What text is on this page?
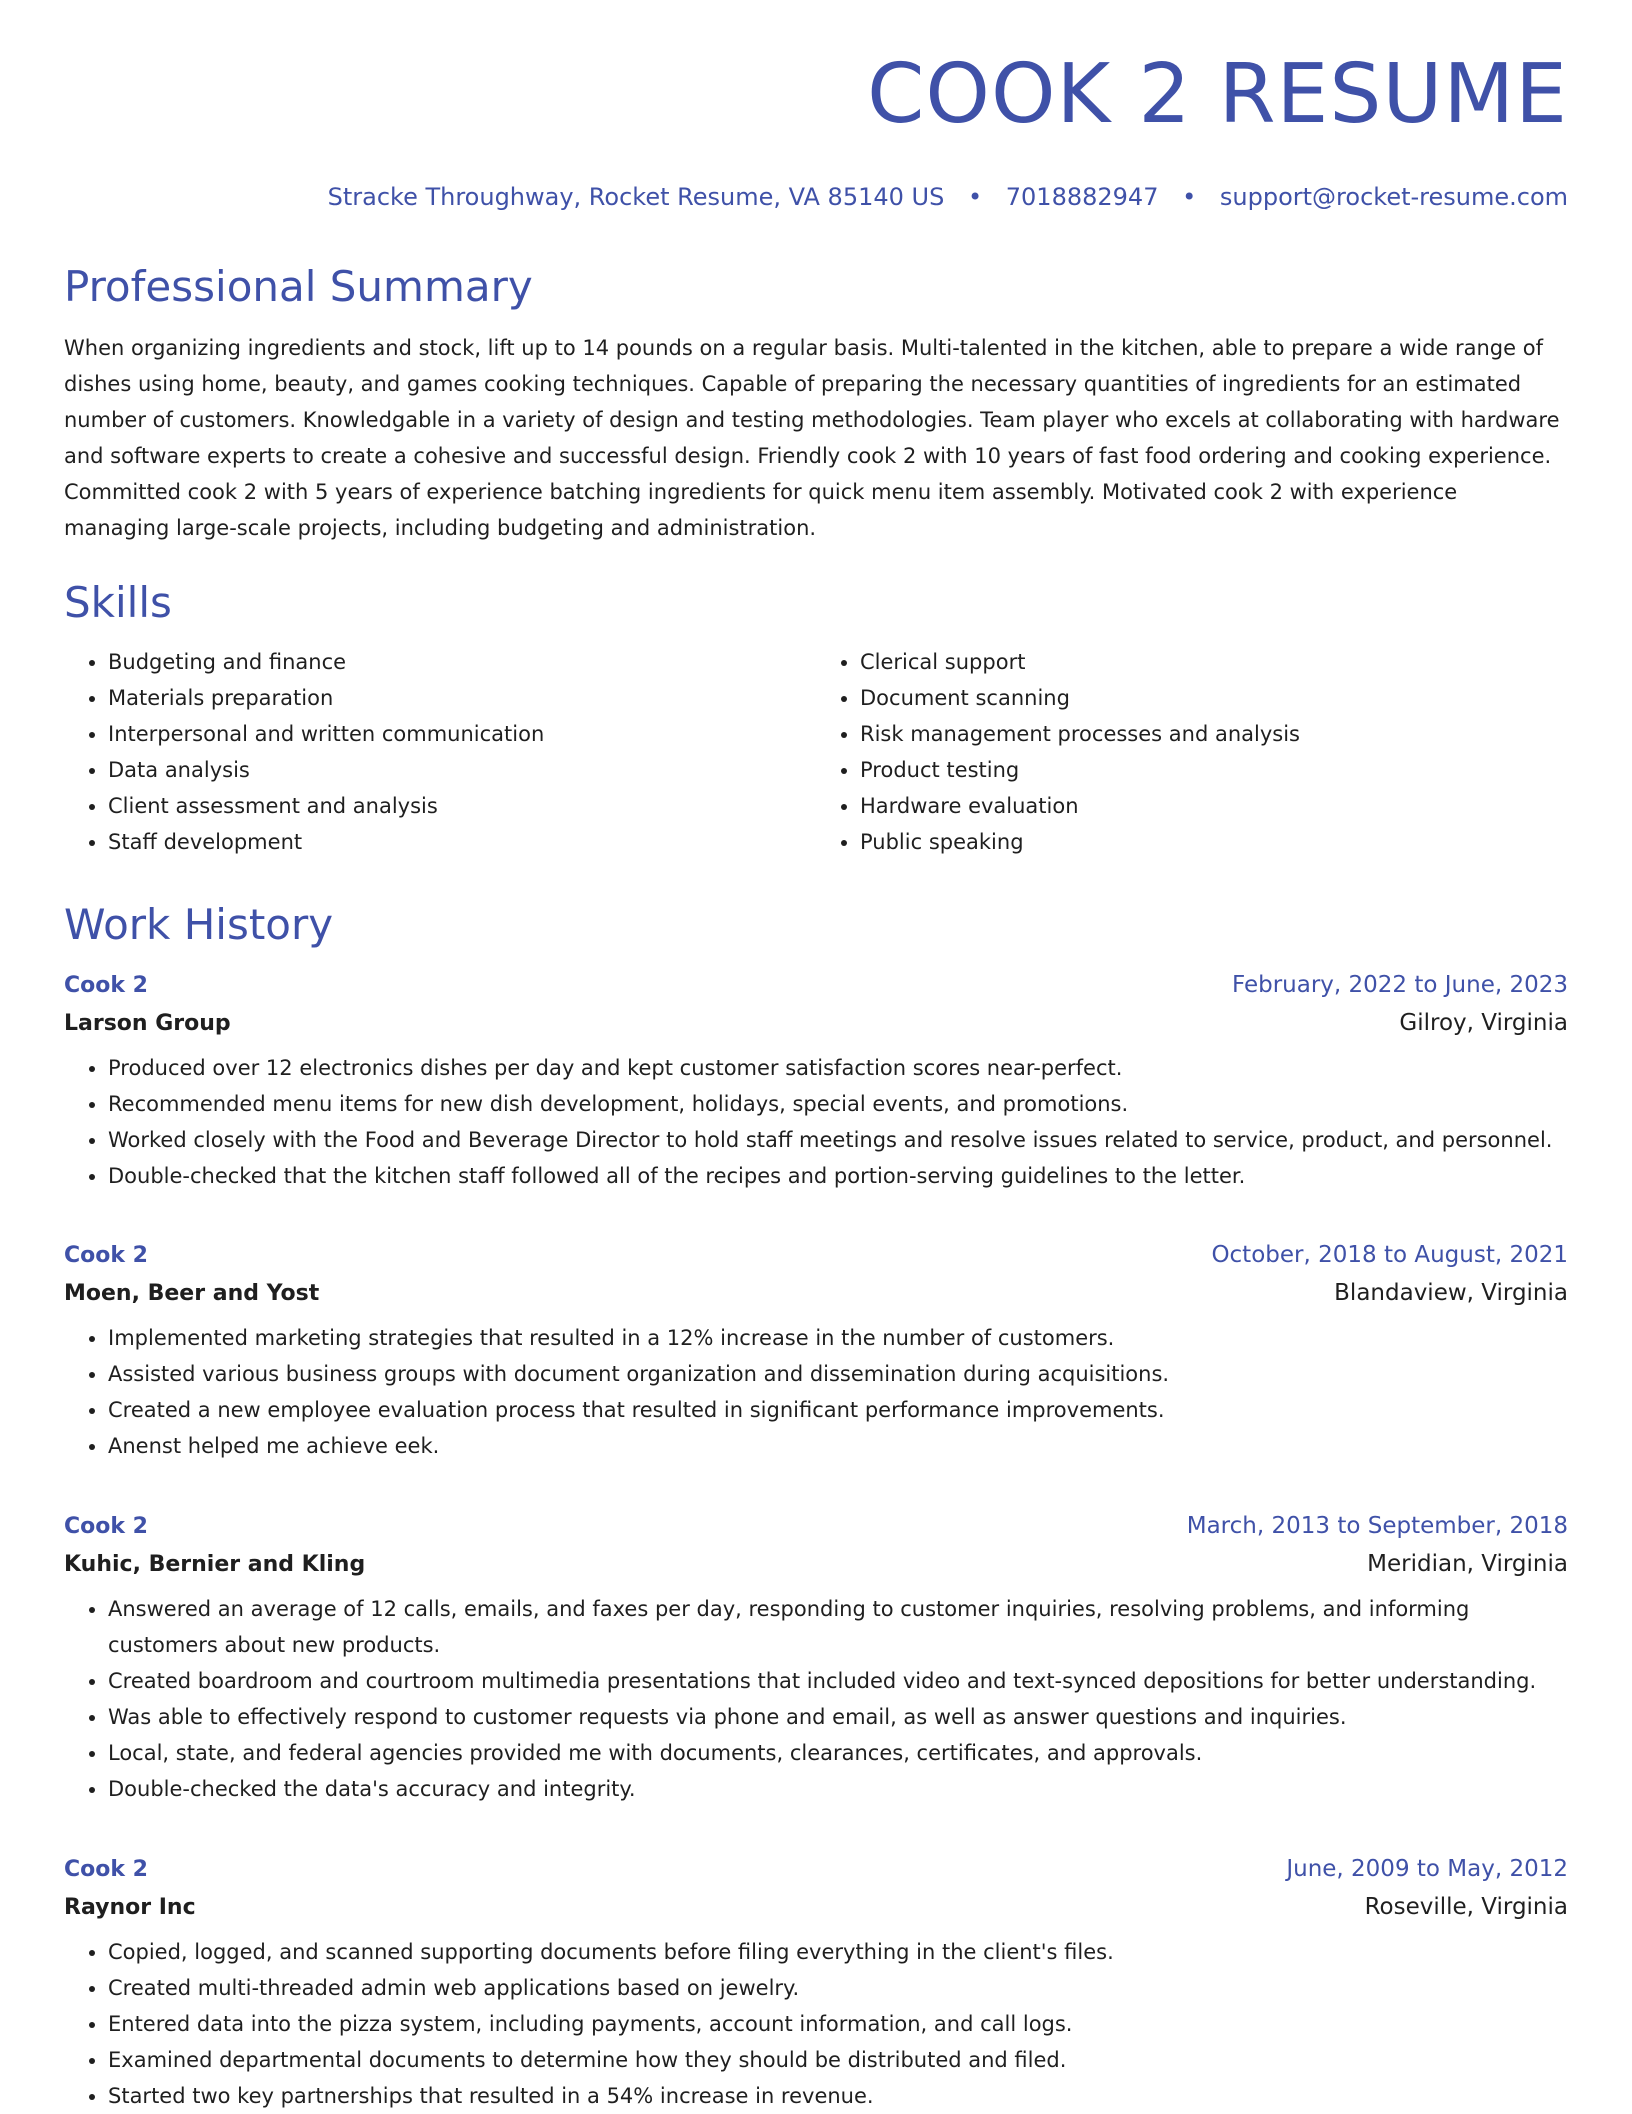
COOK 2 RESUME
Stracke Throughway, Rocket Resume, VA 85140 US • 7018882947 • support@rocket-resume.com
Professional Summary

When organizing ingredients and stock, lift up to 14 pounds on a regular basis. Multi-talented in the kitchen, able to prepare a wide range of dishes using home, beauty, and games cooking techniques. Capable of preparing the necessary quantities of ingredients for an estimated number of customers. Knowledgable in a variety of design and testing methodologies. Team player who excels at collaborating with hardware and software experts to create a cohesive and successful design. Friendly cook 2 with 10 years of fast food ordering and cooking experience. Committed cook 2 with 5 years of experience batching ingredients for quick menu item assembly. Motivated cook 2 with experience managing large-scale projects, including budgeting and administration.

Skills
• Budgeting and finance
• Materials preparation
• Interpersonal and written communication
• Data analysis
• Client assessment and analysis
• Staff development
• Clerical support
• Document scanning
• Risk management processes and analysis
• Product testing
• Hardware evaluation
• Public speaking
Work History
Cook 2	February, 2022 to June, 2023
Larson Group	Gilroy, Virginia
• Produced over 12 electronics dishes per day and kept customer satisfaction scores near-perfect.
• Recommended menu items for new dish development, holidays, special events, and promotions.
• Worked closely with the Food and Beverage Director to hold staff meetings and resolve issues related to service, product, and personnel.
• Double-checked that the kitchen staff followed all of the recipes and portion-serving guidelines to the letter.
Cook 2	October, 2018 to August, 2021
Moen, Beer and Yost	Blandaview, Virginia
• Implemented marketing strategies that resulted in a 12% increase in the number of customers.
• Assisted various business groups with document organization and dissemination during acquisitions.
• Created a new employee evaluation process that resulted in significant performance improvements.
• Anenst helped me achieve eek.
Cook 2	March, 2013 to September, 2018
Kuhic, Bernier and Kling	Meridian, Virginia
• Answered an average of 12 calls, emails, and faxes per day, responding to customer inquiries, resolving problems, and informing customers about new products.
• Created boardroom and courtroom multimedia presentations that included video and text-synced depositions for better understanding.
• Was able to effectively respond to customer requests via phone and email, as well as answer questions and inquiries.
• Local, state, and federal agencies provided me with documents, clearances, certificates, and approvals.
• Double-checked the data's accuracy and integrity.
Cook 2	June, 2009 to May, 2012
Raynor Inc	Roseville, Virginia
• Copied, logged, and scanned supporting documents before filing everything in the client's files.
• Created multi-threaded admin web applications based on jewelry.
• Entered data into the pizza system, including payments, account information, and call logs.
• Examined departmental documents to determine how they should be distributed and filed.
• Started two key partnerships that resulted in a 54% increase in revenue.
